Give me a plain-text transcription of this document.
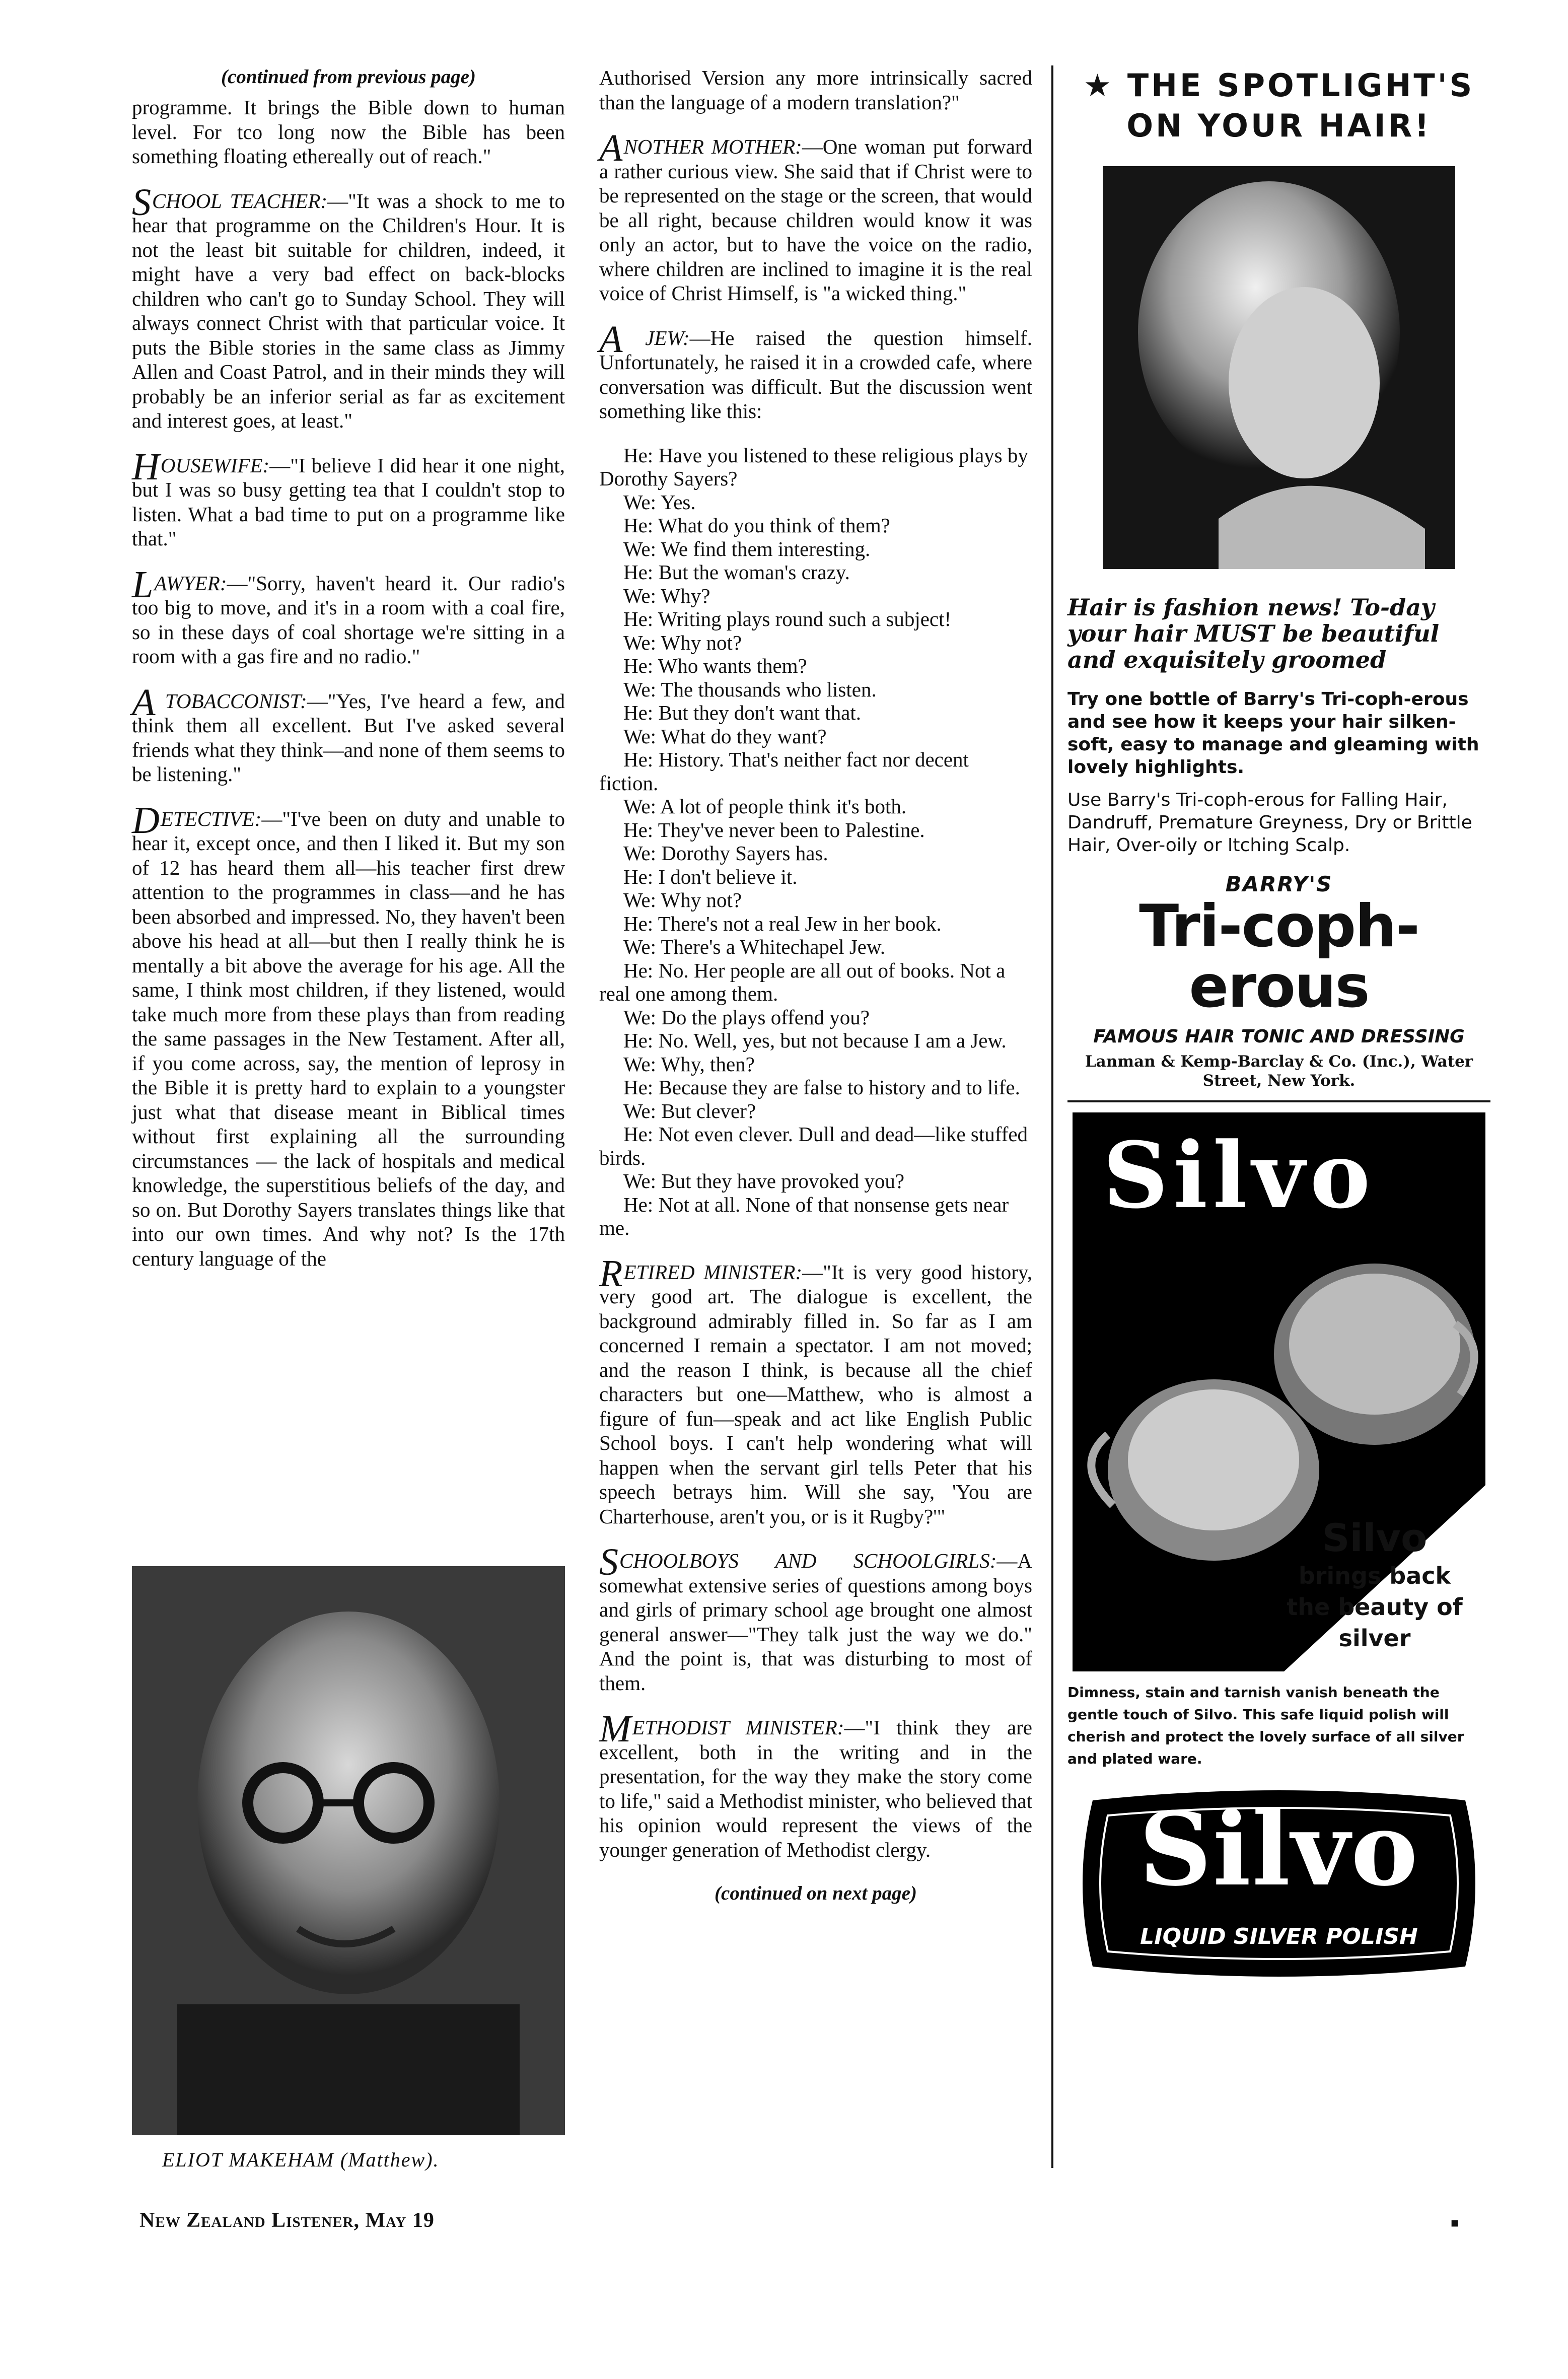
(continued from previous page)

programme. It brings the Bible down to human level. For tco long now the Bible has been something floating ethereally out of reach."

SCHOOL TEACHER:—"It was a shock to me to hear that programme on the Children's Hour. It is not the least bit suitable for children, indeed, it might have a very bad effect on back-blocks children who can't go to Sunday School. They will always connect Christ with that particular voice. It puts the Bible stories in the same class as Jimmy Allen and Coast Patrol, and in their minds they will probably be an inferior serial as far as excitement and interest goes, at least."

HOUSEWIFE:—"I believe I did hear it one night, but I was so busy getting tea that I couldn't stop to listen. What a bad time to put on a programme like that."

LAWYER:—"Sorry, haven't heard it. Our radio's too big to move, and it's in a room with a coal fire, so in these days of coal shortage we're sitting in a room with a gas fire and no radio."

A TOBACCONIST:—"Yes, I've heard a few, and think them all excellent. But I've asked several friends what they think—and none of them seems to be listening."

DETECTIVE:—"I've been on duty and unable to hear it, except once, and then I liked it. But my son of 12 has heard them all—his teacher first drew attention to the programmes in class—and he has been absorbed and impressed. No, they haven't been above his head at all—but then I really think he is mentally a bit above the average for his age. All the same, I think most children, if they listened, would take much more from these plays than from reading the same passages in the New Testament. After all, if you come across, say, the mention of leprosy in the Bible it is pretty hard to explain to a youngster just what that disease meant in Biblical times without first explaining all the surrounding circumstances — the lack of hospitals and medical knowledge, the superstitious beliefs of the day, and so on. But Dorothy Sayers translates things like that into our own times. And why not? Is the 17th century language of the

ELIOT MAKEHAM (Matthew).

New Zealand Listener, May 19

Authorised Version any more intrinsically sacred than the language of a modern translation?"

ANOTHER MOTHER:—One woman put forward a rather curious view. She said that if Christ were to be represented on the stage or the screen, that would be all right, because children would know it was only an actor, but to have the voice on the radio, where children are inclined to imagine it is the real voice of Christ Himself, is "a wicked thing."

A JEW:—He raised the question himself. Unfortunately, he raised it in a crowded cafe, where conversation was difficult. But the discussion went something like this:

He: Have you listened to these religious plays by Dorothy Sayers?
We: Yes.
He: What do you think of them?
We: We find them interesting.
He: But the woman's crazy.
We: Why?
He: Writing plays round such a subject!
We: Why not?
He: Who wants them?
We: The thousands who listen.
He: But they don't want that.
We: What do they want?
He: History. That's neither fact nor decent fiction.
We: A lot of people think it's both.
He: They've never been to Palestine.
We: Dorothy Sayers has.
He: I don't believe it.
We: Why not?
He: There's not a real Jew in her book.
We: There's a Whitechapel Jew.
He: No. Her people are all out of books. Not a real one among them.
We: Do the plays offend you?
He: No. Well, yes, but not because I am a Jew.
We: Why, then?
He: Because they are false to history and to life.
We: But clever?
He: Not even clever. Dull and dead—like stuffed birds.
We: But they have provoked you?
He: Not at all. None of that nonsense gets near me.

RETIRED MINISTER:—"It is very good history, very good art. The dialogue is excellent, the background admirably filled in. So far as I am concerned I remain a spectator. I am not moved; and the reason I think, is because all the chief characters but one—Matthew, who is almost a figure of fun—speak and act like English Public School boys. I can't help wondering what will happen when the servant girl tells Peter that his speech betrays him. Will she say, 'You are Charterhouse, aren't you, or is it Rugby?'"

SCHOOLBOYS AND SCHOOLGIRLS:—A somewhat extensive series of questions among boys and girls of primary school age brought one almost general answer—"They talk just the way we do." And the point is, that was disturbing to most of them.

METHODIST MINISTER:—"I think they are excellent, both in the writing and in the presentation, for the way they make the story come to life," said a Methodist minister, who believed that his opinion would represent the views of the younger generation of Methodist clergy.

(continued on next page)

★ THE SPOTLIGHT'S ON YOUR HAIR!
Hair is fashion news! To-day your hair MUST be beautiful and exquisitely groomed
Try one bottle of Barry's Tri-coph-erous and see how it keeps your hair silken-soft, easy to manage and gleaming with lovely highlights.
Use Barry's Tri-coph-erous for Falling Hair, Dandruff, Premature Greyness, Dry or Brittle Hair, Over-oily or Itching Scalp.
BARRY'S
Tri-coph-erous
FAMOUS HAIR TONIC AND DRESSING
Lanman & Kemp-Barclay & Co. (Inc.), Water Street, New York.
Silvo
Silvo
brings back the beauty of silver
Dimness, stain and tarnish vanish beneath the gentle touch of Silvo. This safe liquid polish will cherish and protect the lovely surface of all silver and plated ware.
Silvo
LIQUID SILVER POLISH
▪
